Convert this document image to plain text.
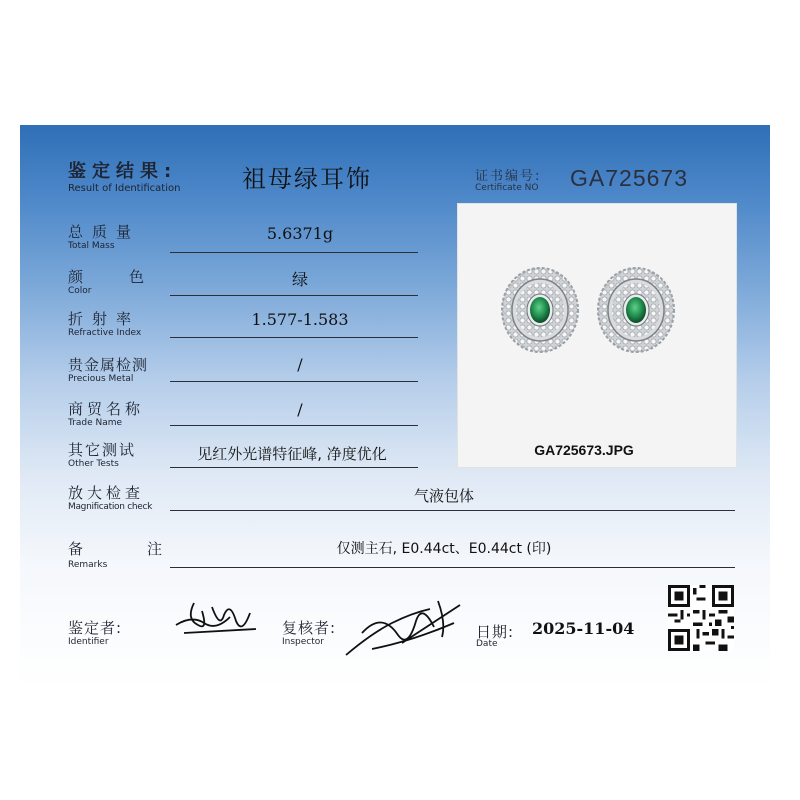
鉴定结果:
Result of Identification	祖母绿耳饰	证书编号:
Certificate NO GA725673
总质量
Total Mass
5.6371g
颜色
Color
绿
折射率
Refractive Index
1.577-1.583
贵金属检测
Precious Metal
/
商贸名称
Trade Name
/
其它测试
Other Tests
见红外光谱特征峰, 净度优化
放大检查
Magnification check
气液包体
备注
Remarks
仅测主石, E0.44ct、E0.44ct (印)
GA725673.JPG
鉴定者:
Identifier
复核者:
Inspector
日期:
Date
2025-11-04
